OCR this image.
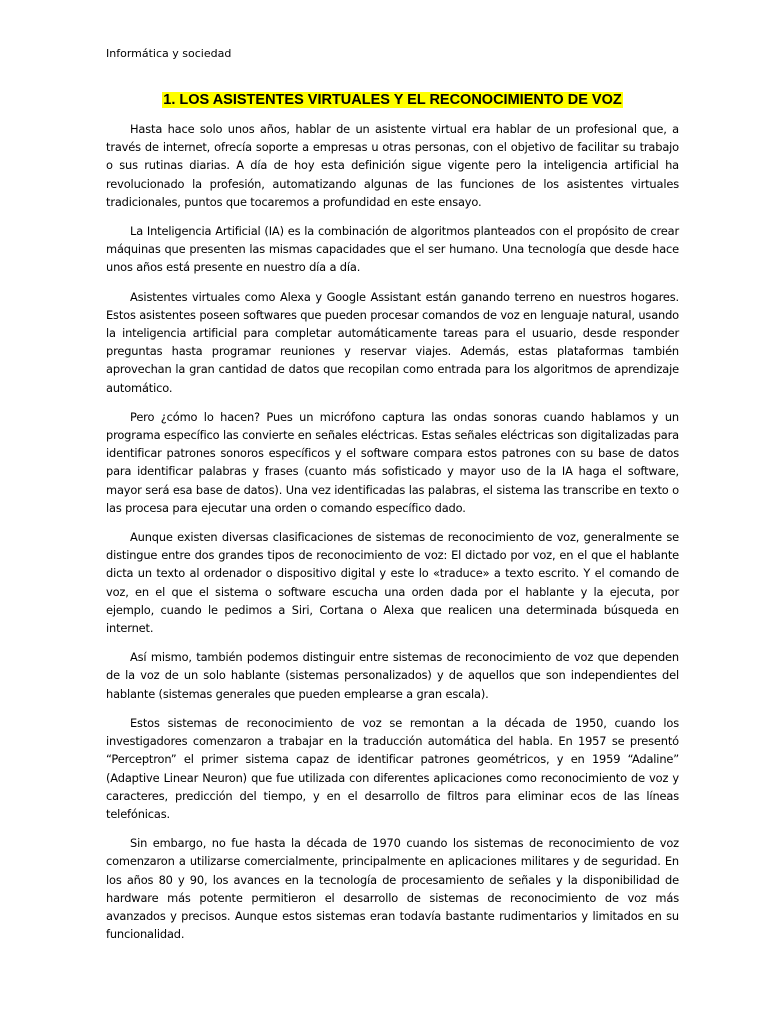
Informática y sociedad
1. LOS ASISTENTES VIRTUALES Y EL RECONOCIMIENTO DE VOZ

Hasta hace solo unos años, hablar de un asistente virtual era hablar de un profesional que, a través de internet, ofrecía soporte a empresas u otras personas, con el objetivo de facilitar su trabajo o sus rutinas diarias. A día de hoy esta definición sigue vigente pero la inteligencia artificial ha revolucionado la profesión, automatizando algunas de las funciones de los asistentes virtuales tradicionales, puntos que tocaremos a profundidad en este ensayo.

La Inteligencia Artificial (IA) es la combinación de algoritmos planteados con el propósito de crear máquinas que presenten las mismas capacidades que el ser humano. Una tecnología que desde hace unos años está presente en nuestro día a día.

Asistentes virtuales como Alexa y Google Assistant están ganando terreno en nuestros hogares. Estos asistentes poseen softwares que pueden procesar comandos de voz en lenguaje natural, usando la inteligencia artificial para completar automáticamente tareas para el usuario, desde responder preguntas hasta programar reuniones y reservar viajes. Además, estas plataformas también aprovechan la gran cantidad de datos que recopilan como entrada para los algoritmos de aprendizaje automático.

Pero ¿cómo lo hacen? Pues un micrófono captura las ondas sonoras cuando hablamos y un programa específico las convierte en señales eléctricas. Estas señales eléctricas son digitalizadas para identificar patrones sonoros específicos y el software compara estos patrones con su base de datos para identificar palabras y frases (cuanto más sofisticado y mayor uso de la IA haga el software, mayor será esa base de datos). Una vez identificadas las palabras, el sistema las transcribe en texto o las procesa para ejecutar una orden o comando específico dado.

Aunque existen diversas clasificaciones de sistemas de reconocimiento de voz, generalmente se distingue entre dos grandes tipos de reconocimiento de voz: El dictado por voz, en el que el hablante dicta un texto al ordenador o dispositivo digital y este lo «traduce» a texto escrito. Y el comando de voz, en el que el sistema o software escucha una orden dada por el hablante y la ejecuta, por ejemplo, cuando le pedimos a Siri, Cortana o Alexa que realicen una determinada búsqueda en internet.

Así mismo, también podemos distinguir entre sistemas de reconocimiento de voz que dependen de la voz de un solo hablante (sistemas personalizados) y de aquellos que son independientes del hablante (sistemas generales que pueden emplearse a gran escala).

Estos sistemas de reconocimiento de voz se remontan a la década de 1950, cuando los investigadores comenzaron a trabajar en la traducción automática del habla. En 1957 se presentó “Perceptron” el primer sistema capaz de identificar patrones geométricos, y en 1959 “Adaline” (Adaptive Linear Neuron) que fue utilizada con diferentes aplicaciones como reconocimiento de voz y caracteres, predicción del tiempo, y en el desarrollo de filtros para eliminar ecos de las líneas telefónicas.

Sin embargo, no fue hasta la década de 1970 cuando los sistemas de reconocimiento de voz comenzaron a utilizarse comercialmente, principalmente en aplicaciones militares y de seguridad. En los años 80 y 90, los avances en la tecnología de procesamiento de señales y la disponibilidad de hardware más potente permitieron el desarrollo de sistemas de reconocimiento de voz más avanzados y precisos. Aunque estos sistemas eran todavía bastante rudimentarios y limitados en su funcionalidad.
